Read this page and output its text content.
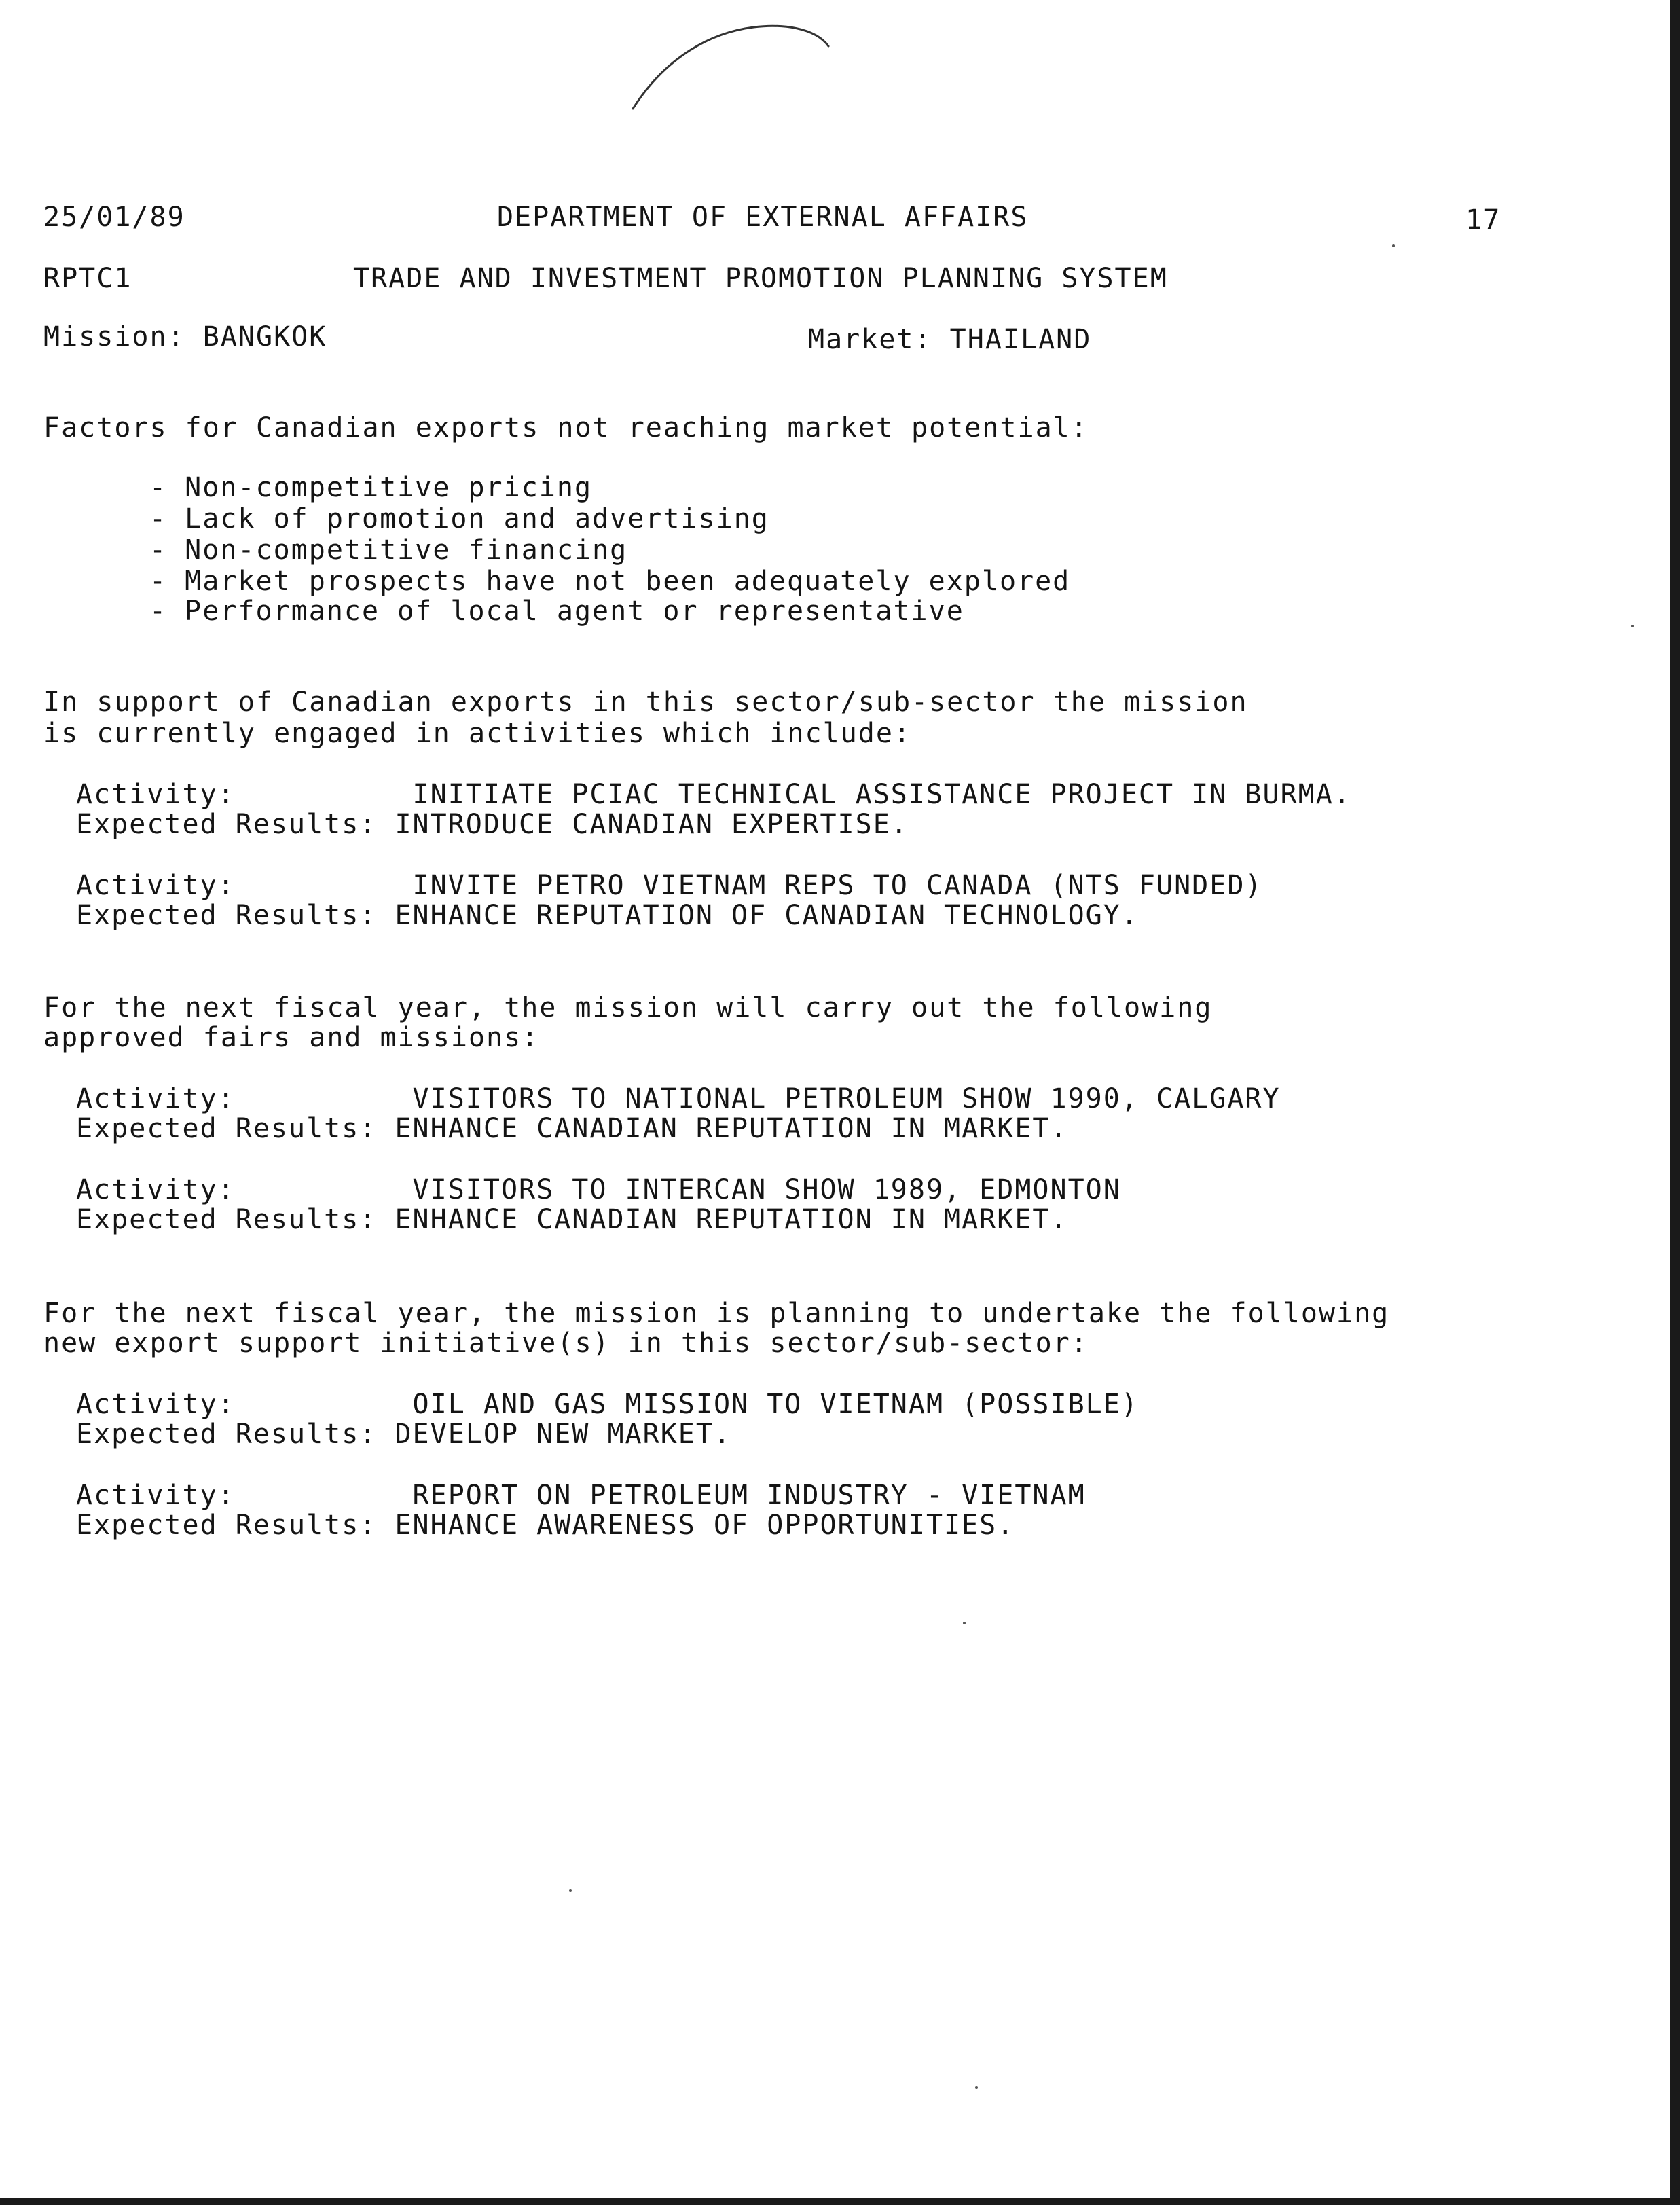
25/01/89	DEPARTMENT OF EXTERNAL AFFAIRS	17

RPTC1	TRADE AND INVESTMENT PROMOTION PLANNING SYSTEM

Mission: BANGKOK	Market: THAILAND

Factors for Canadian exports not reaching market potential:

- Non-competitive pricing

- Lack of promotion and advertising

- Non-competitive financing

- Market prospects have not been adequately explored

- Performance of local agent or representative

In support of Canadian exports in this sector/sub-sector the mission

is currently engaged in activities which include:

Activity:          INITIATE PCIAC TECHNICAL ASSISTANCE PROJECT IN BURMA.

Expected Results: INTRODUCE CANADIAN EXPERTISE.

Activity:          INVITE PETRO VIETNAM REPS TO CANADA (NTS FUNDED)

Expected Results: ENHANCE REPUTATION OF CANADIAN TECHNOLOGY.

For the next fiscal year, the mission will carry out the following

approved fairs and missions:

Activity:          VISITORS TO NATIONAL PETROLEUM SHOW 1990, CALGARY

Expected Results: ENHANCE CANADIAN REPUTATION IN MARKET.

Activity:          VISITORS TO INTERCAN SHOW 1989, EDMONTON

Expected Results: ENHANCE CANADIAN REPUTATION IN MARKET.

For the next fiscal year, the mission is planning to undertake the following

new export support initiative(s) in this sector/sub-sector:

Activity:          OIL AND GAS MISSION TO VIETNAM (POSSIBLE)

Expected Results: DEVELOP NEW MARKET.

Activity:          REPORT ON PETROLEUM INDUSTRY - VIETNAM

Expected Results: ENHANCE AWARENESS OF OPPORTUNITIES.
